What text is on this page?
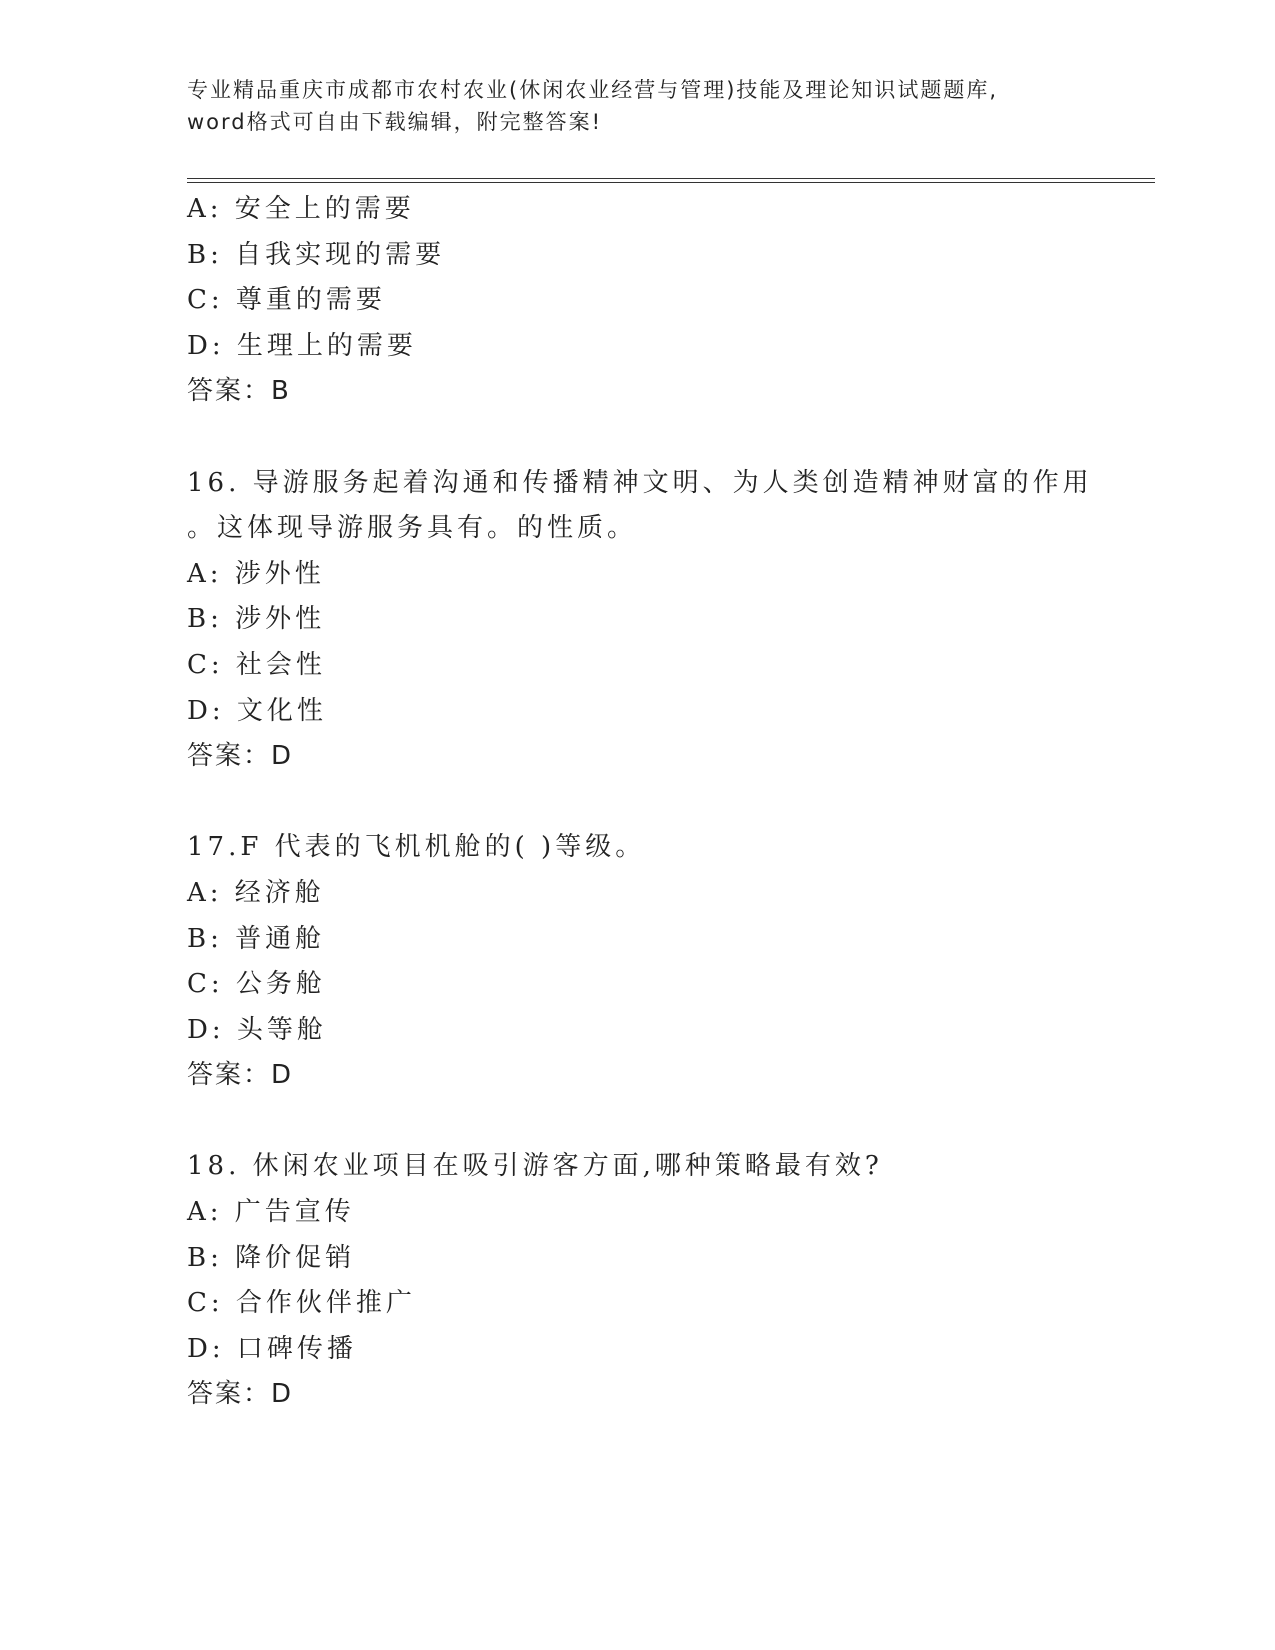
专业精品重庆市成都市农村农业(休闲农业经营与管理)技能及理论知识试题题库,
word格式可自由下载编辑，附完整答案!
A: 安全上的需要
B: 自我实现的需要
C: 尊重的需要
D: 生理上的需要
答案：B
16. 导游服务起着沟通和传播精神文明、为人类创造精神财富的作用
。这体现导游服务具有。的性质。
A: 涉外性
B: 涉外性
C: 社会性
D: 文化性
答案：D
17.F 代表的飞机机舱的( )等级。
A: 经济舱
B: 普通舱
C: 公务舱
D: 头等舱
答案：D
18. 休闲农业项目在吸引游客方面,哪种策略最有效?
A: 广告宣传
B: 降价促销
C: 合作伙伴推广
D: 口碑传播
答案：D
